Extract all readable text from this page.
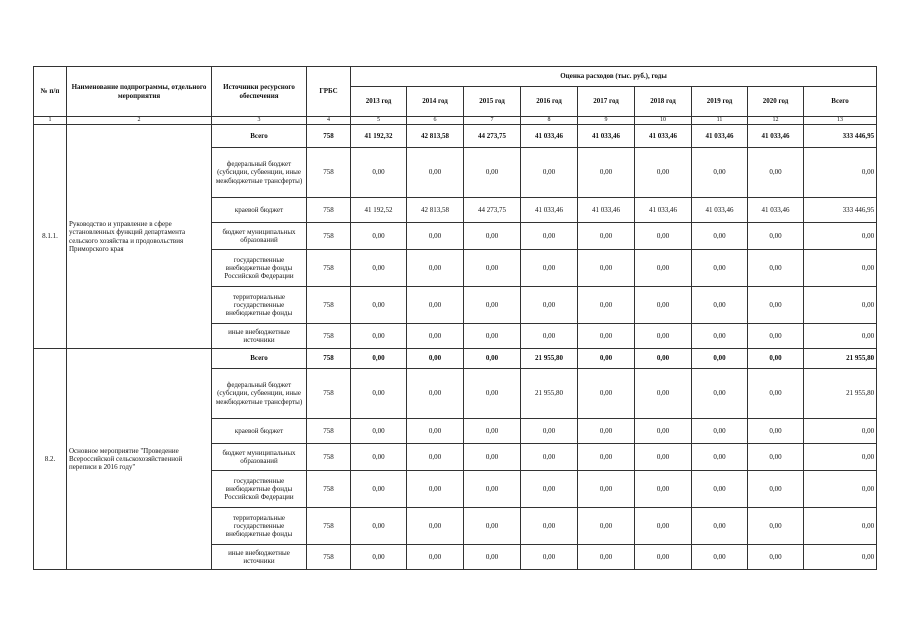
№ п/п	Наименование подпрограммы, отдельного мероприятия	Источники ресурсного обеспечения	ГРБС	Оценка расходов (тыс. руб.), годы								
				2013 год	2014 год	2015 год	2016 год	2017 год	2018 год	2019 год	2020 год	Всего
1	2	3	4	5	6	7	8	9	10	11	12	13
8.1.1.	Руководство и управление в сфере установленных функций департамента сельского хозяйства и продовольствия Приморского края	Всего	758	41 192,32	42 813,58	44 273,75	41 033,46	41 033,46	41 033,46	41 033,46	41 033,46	333 446,95
		федеральный бюджет (субсидии, субвенции, иные межбюджетные трансферты)	758	0,00	0,00	0,00	0,00	0,00	0,00	0,00	0,00	0,00
		краевой бюджет	758	41 192,52	42 813,58	44 273,75	41 033,46	41 033,46	41 033,46	41 033,46	41 033,46	333 446,95
		бюджет муниципальных образований	758	0,00	0,00	0,00	0,00	0,00	0,00	0,00	0,00	0,00
		государственные внебюджетные фонды Российской Федерации	758	0,00	0,00	0,00	0,00	0,00	0,00	0,00	0,00	0,00
		территориальные государственные внебюджетные фонды	758	0,00	0,00	0,00	0,00	0,00	0,00	0,00	0,00	0,00
		иные внебюджетные источники	758	0,00	0,00	0,00	0,00	0,00	0,00	0,00	0,00	0,00
8.2.	Основное мероприятие "Проведение Всероссийской сельскохозяйственной переписи в 2016 году"	Всего	758	0,00	0,00	0,00	21 955,80	0,00	0,00	0,00	0,00	21 955,80
		федеральный бюджет (субсидии, субвенции, иные межбюджетные трансферты)	758	0,00	0,00	0,00	21 955,80	0,00	0,00	0,00	0,00	21 955,80
		краевой бюджет	758	0,00	0,00	0,00	0,00	0,00	0,00	0,00	0,00	0,00
		бюджет муниципальных образований	758	0,00	0,00	0,00	0,00	0,00	0,00	0,00	0,00	0,00
		государственные внебюджетные фонды Российской Федерации	758	0,00	0,00	0,00	0,00	0,00	0,00	0,00	0,00	0,00
		территориальные государственные внебюджетные фонды	758	0,00	0,00	0,00	0,00	0,00	0,00	0,00	0,00	0,00
		иные внебюджетные источники	758	0,00	0,00	0,00	0,00	0,00	0,00	0,00	0,00	0,00
